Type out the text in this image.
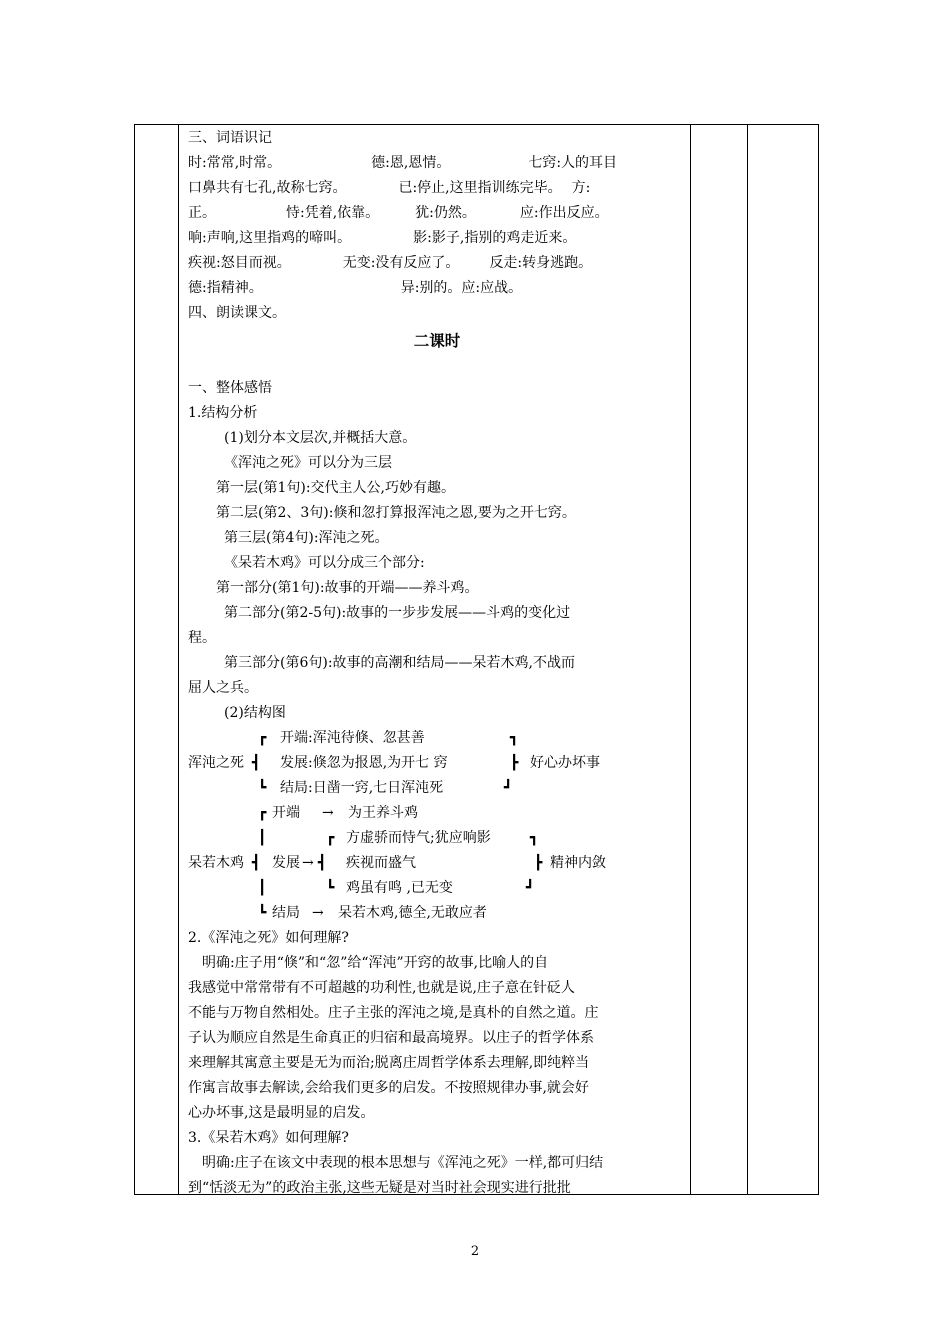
三、词语识记
时:常常,时常。	德:恩,恩情。	七窍:人的耳目
口鼻共有七孔,故称七窍。	已:停止,这里指训练完毕。 方:
正。	恃:凭着,依靠。	犹:仍然。	应:作出反应。
响:声响,这里指鸡的啼叫。	影:影子,指别的鸡走近来。
疾视:怒目而视。	无变:没有反应了。 反走:转身逃跑。
德:指精神。	异:别的。应:应战。
四、朗读课文。
二课时
一、整体感悟
1.结构分析
(1)划分本文层次,并概括大意。
《浑沌之死》可以分为三层
第一层(第1句):交代主人公,巧妙有趣。
第二层(第2、3句):倏和忽打算报浑沌之恩,要为之开七窍。
第三层(第4句):浑沌之死。
《呆若木鸡》可以分成三个部分:
第一部分(第1句):故事的开端——养斗鸡。
第二部分(第2-5句):故事的一步步发展——斗鸡的变化过
程。
第三部分(第6句):故事的高潮和结局——呆若木鸡,不战而
屈人之兵。
(2)结构图
┏ 开端:浑沌待倏、忽甚善	┓
浑沌之死 ┫ 发展:倏忽为报恩,为开七 窍	┣ 好心办坏事
┗ 结局:日凿一窍,七日浑沌死	┛
┏ 开端 → 为王养斗鸡
┃	┏ 方虚骄而恃气;犹应响影	┓
呆若木鸡 ┫ 发展 → ┫ 疾视而盛气	┣ 精神内敛
┃	┗ 鸡虽有鸣 ,已无变	┛
┗ 结局 → 呆若木鸡,德全,无敢应者
2.《浑沌之死》如何理解?
明确:庄子用“倏”和“忽”给“浑沌”开窍的故事,比喻人的自
我感觉中常常带有不可超越的功利性,也就是说,庄子意在针砭人
不能与万物自然相处。庄子主张的浑沌之境,是真朴的自然之道。庄
子认为顺应自然是生命真正的归宿和最高境界。以庄子的哲学体系
来理解其寓意主要是无为而治;脱离庄周哲学体系去理解,即纯粹当
作寓言故事去解读,会给我们更多的启发。不按照规律办事,就会好
心办坏事,这是最明显的启发。
3.《呆若木鸡》如何理解?
明确:庄子在该文中表现的根本思想与《浑沌之死》一样,都可归结
到“恬淡无为”的政治主张,这些无疑是对当时社会现实进行批批
2
